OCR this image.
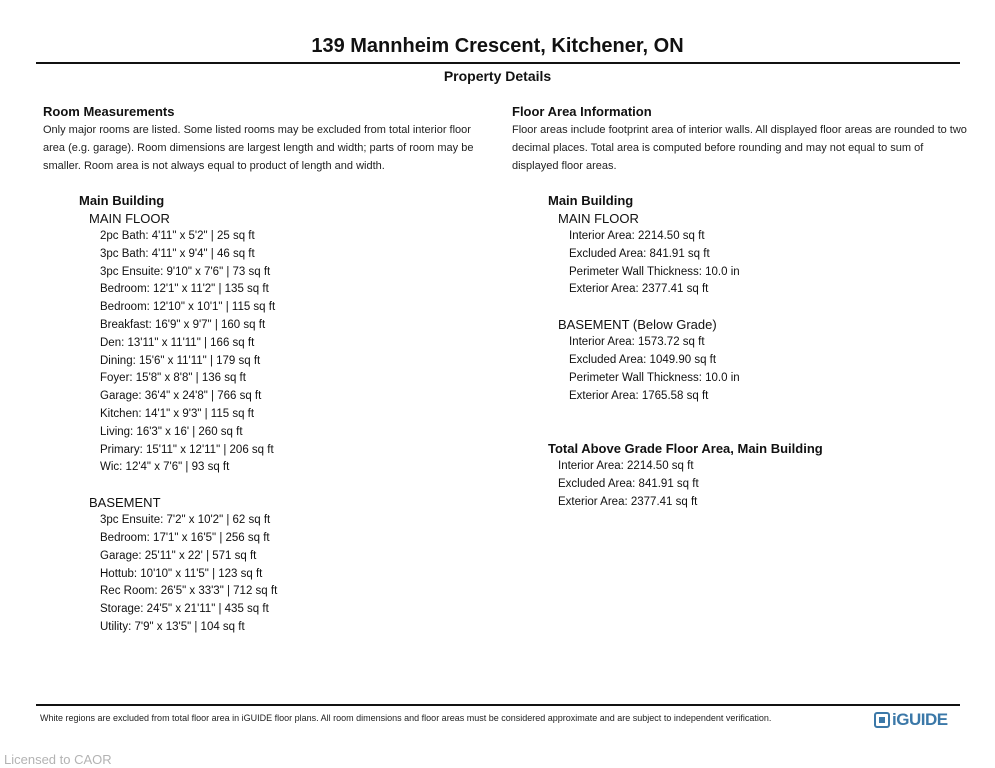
139 Mannheim Crescent, Kitchener, ON
Property Details

Room Measurements

Only major rooms are listed. Some listed rooms may be excluded from total interior floor area (e.g. garage). Room dimensions are largest length and width; parts of room may be smaller. Room area is not always equal to product of length and width.

Main Building

MAIN FLOOR

2pc Bath: 4'11" x 5'2" | 25 sq ft
3pc Bath: 4'11" x 9'4" | 46 sq ft
3pc Ensuite: 9'10" x 7'6" | 73 sq ft
Bedroom: 12'1" x 11'2" | 135 sq ft
Bedroom: 12'10" x 10'1" | 115 sq ft
Breakfast: 16'9" x 9'7" | 160 sq ft
Den: 13'11" x 11'11" | 166 sq ft
Dining: 15'6" x 11'11" | 179 sq ft
Foyer: 15'8" x 8'8" | 136 sq ft
Garage: 36'4" x 24'8" | 766 sq ft
Kitchen: 14'1" x 9'3" | 115 sq ft
Living: 16'3" x 16' | 260 sq ft
Primary: 15'11" x 12'11" | 206 sq ft
Wic: 12'4" x 7'6" | 93 sq ft

BASEMENT

3pc Ensuite: 7'2" x 10'2" | 62 sq ft
Bedroom: 17'1" x 16'5" | 256 sq ft
Garage: 25'11" x 22' | 571 sq ft
Hottub: 10'10" x 11'5" | 123 sq ft
Rec Room: 26'5" x 33'3" | 712 sq ft
Storage: 24'5" x 21'11" | 435 sq ft
Utility: 7'9" x 13'5" | 104 sq ft

Floor Area Information

Floor areas include footprint area of interior walls. All displayed floor areas are rounded to two decimal places. Total area is computed before rounding and may not equal to sum of displayed floor areas.

Main Building

MAIN FLOOR

Interior Area: 2214.50 sq ft
Excluded Area: 841.91 sq ft
Perimeter Wall Thickness: 10.0 in
Exterior Area: 2377.41 sq ft

BASEMENT (Below Grade)

Interior Area: 1573.72 sq ft
Excluded Area: 1049.90 sq ft
Perimeter Wall Thickness: 10.0 in
Exterior Area: 1765.58 sq ft

Total Above Grade Floor Area, Main Building

Interior Area: 2214.50 sq ft
Excluded Area: 841.91 sq ft
Exterior Area: 2377.41 sq ft
White regions are excluded from total floor area in iGUIDE floor plans. All room dimensions and floor areas must be considered approximate and are subject to independent verification.	iGUIDE
Licensed to CAOR
